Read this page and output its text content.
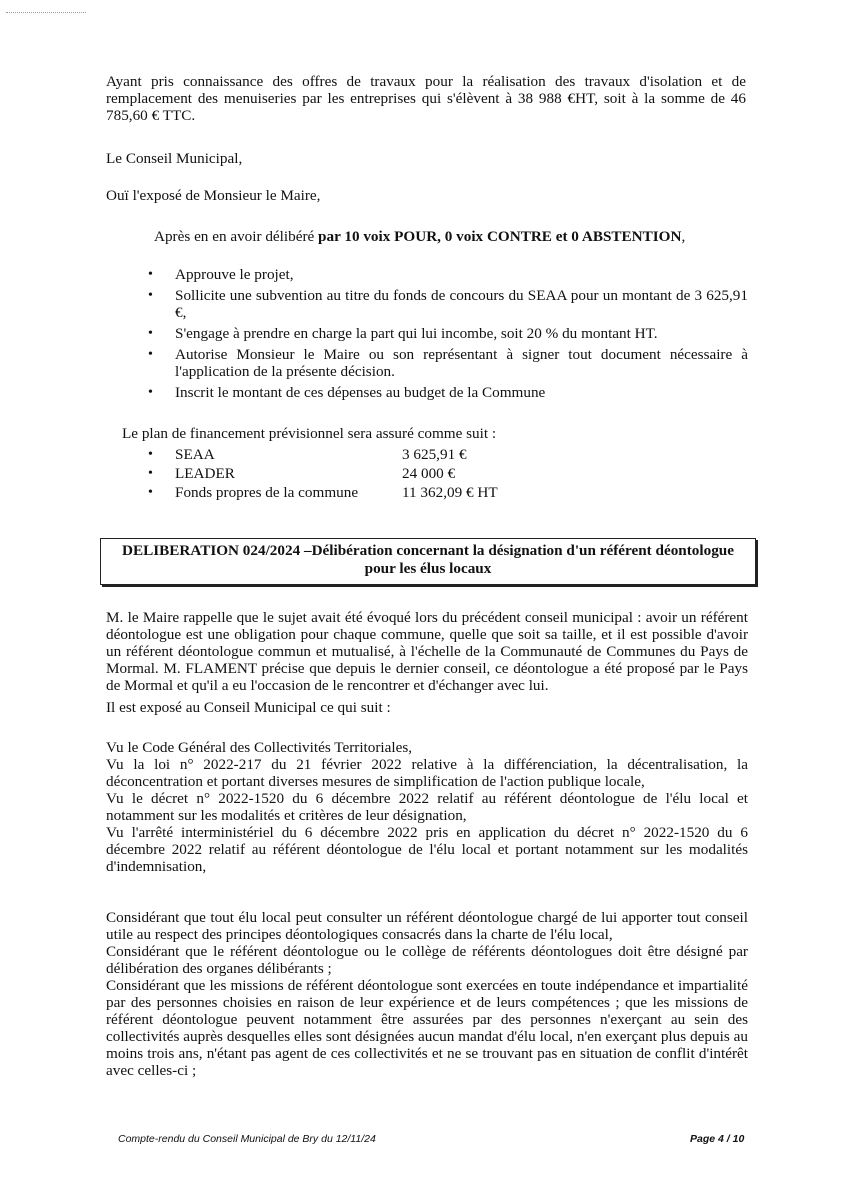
Ayant pris connaissance des offres de travaux pour la réalisation des travaux d'isolation et de remplacement des menuiseries par les entreprises qui s'élèvent à 38 988 €HT, soit à la somme de 46 785,60 € TTC.

Le Conseil Municipal,

Ouï l'exposé de Monsieur le Maire,

Après en en avoir délibéré par 10 voix POUR, 0 voix CONTRE et 0 ABSTENTION,

• Approuve le projet,
• Sollicite une subvention au titre du fonds de concours du SEAA pour un montant de 3 625,91 €,
• S'engage à prendre en charge la part qui lui incombe, soit 20 % du montant HT.
• Autorise Monsieur le Maire ou son représentant à signer tout document nécessaire à l'application de la présente décision.
• Inscrit le montant de ces dépenses au budget de la Commune

Le plan de financement prévisionnel sera assuré comme suit :

• SEAA	3 625,91 €
• LEADER	24 000 €
• Fonds propres de la commune	11 362,09 € HT
DELIBERATION 024/2024 –Délibération concernant la désignation d'un référent déontologue
pour les élus locaux

M. le Maire rappelle que le sujet avait été évoqué lors du précédent conseil municipal : avoir un référent déontologue est une obligation pour chaque commune, quelle que soit sa taille, et il est possible d'avoir un référent déontologue commun et mutualisé, à l'échelle de la Communauté de Communes du Pays de Mormal. M. FLAMENT précise que depuis le dernier conseil, ce déontologue a été proposé par le Pays de Mormal et qu'il a eu l'occasion de le rencontrer et d'échanger avec lui.

Il est exposé au Conseil Municipal ce qui suit :

Vu le Code Général des Collectivités Territoriales,

Vu la loi n° 2022-217 du 21 février 2022 relative à la différenciation, la décentralisation, la déconcentration et portant diverses mesures de simplification de l'action publique locale,

Vu le décret n° 2022-1520 du 6 décembre 2022 relatif au référent déontologue de l'élu local et notamment sur les modalités et critères de leur désignation,

Vu l'arrêté interministériel du 6 décembre 2022 pris en application du décret n° 2022-1520 du 6 décembre 2022 relatif au référent déontologue de l'élu local et portant notamment sur les modalités d'indemnisation,

Considérant que tout élu local peut consulter un référent déontologue chargé de lui apporter tout conseil utile au respect des principes déontologiques consacrés dans la charte de l'élu local,

Considérant que le référent déontologue ou le collège de référents déontologues doit être désigné par délibération des organes délibérants ;

Considérant que les missions de référent déontologue sont exercées en toute indépendance et impartialité par des personnes choisies en raison de leur expérience et de leurs compétences ; que les missions de référent déontologue peuvent notamment être assurées par des personnes n'exerçant au sein des collectivités auprès desquelles elles sont désignées aucun mandat d'élu local, n'en exerçant plus depuis au moins trois ans, n'étant pas agent de ces collectivités et ne se trouvant pas en situation de conflit d'intérêt avec celles-ci ;

Compte-rendu du Conseil Municipal de Bry du 12/11/24	Page 4 / 10
